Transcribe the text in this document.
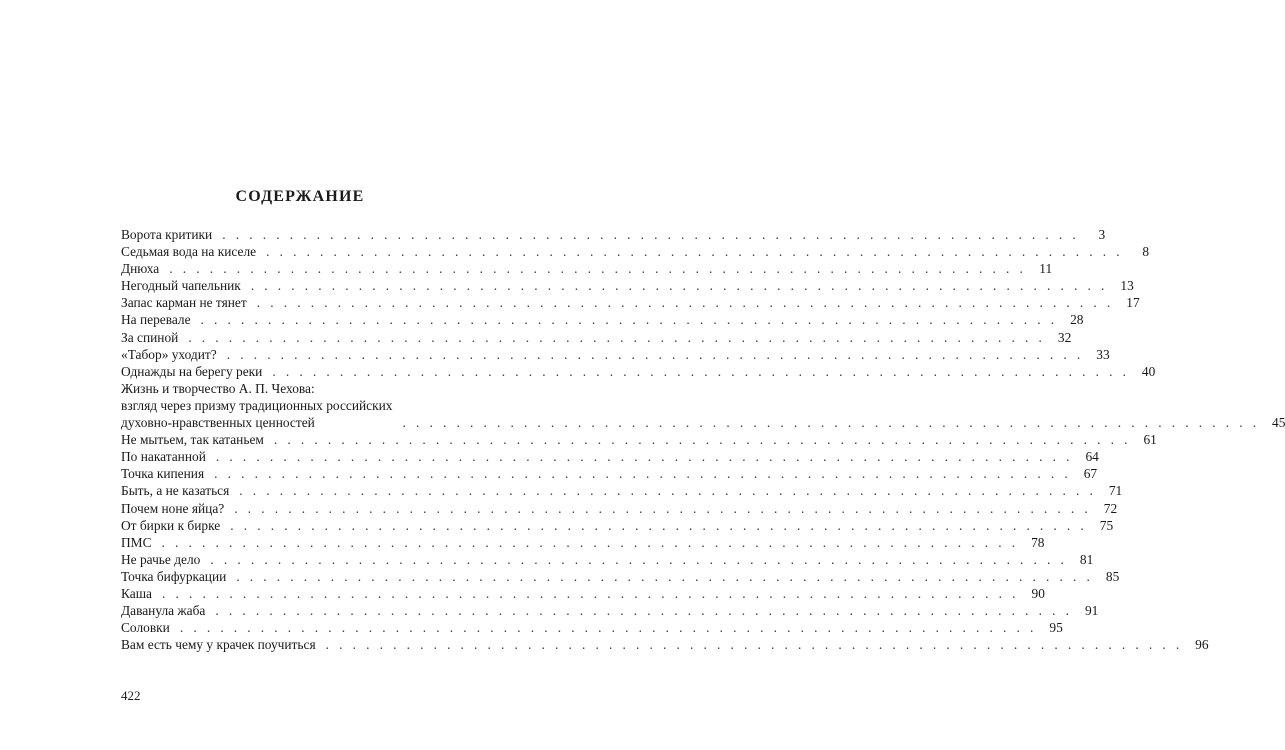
СОДЕРЖАНИЕ
Ворота критики . . .	3
Седьмая вода на киселе . . .	8
Днюха . . .	11
Негодный чапельник . . .	13
Запас карман не тянет . . .	17
На перевале . . .	28
За спиной . . .	32
«Табор» уходит? . . .	33
Однажды на берегу реки . . .	40
Жизнь и творчество А. П. Чехова:
взгляд через призму традиционных российских
духовно-нравственных ценностей . . .	45
Не мытьем, так катаньем . . .	61
По накатанной . . .	64
Точка кипения . . .	67
Быть, а не казаться . . .	71
Почем ноне яйца? . . .	72
От бирки к бирке . . .	75
ПМС . . .	78
Не рачье дело . . .	81
Точка бифуркации . . .	85
Каша . . .	90
Даванула жаба . . .	91
Соловки . . .	95
Вам есть чему у крачек поучиться . . .	96

422
